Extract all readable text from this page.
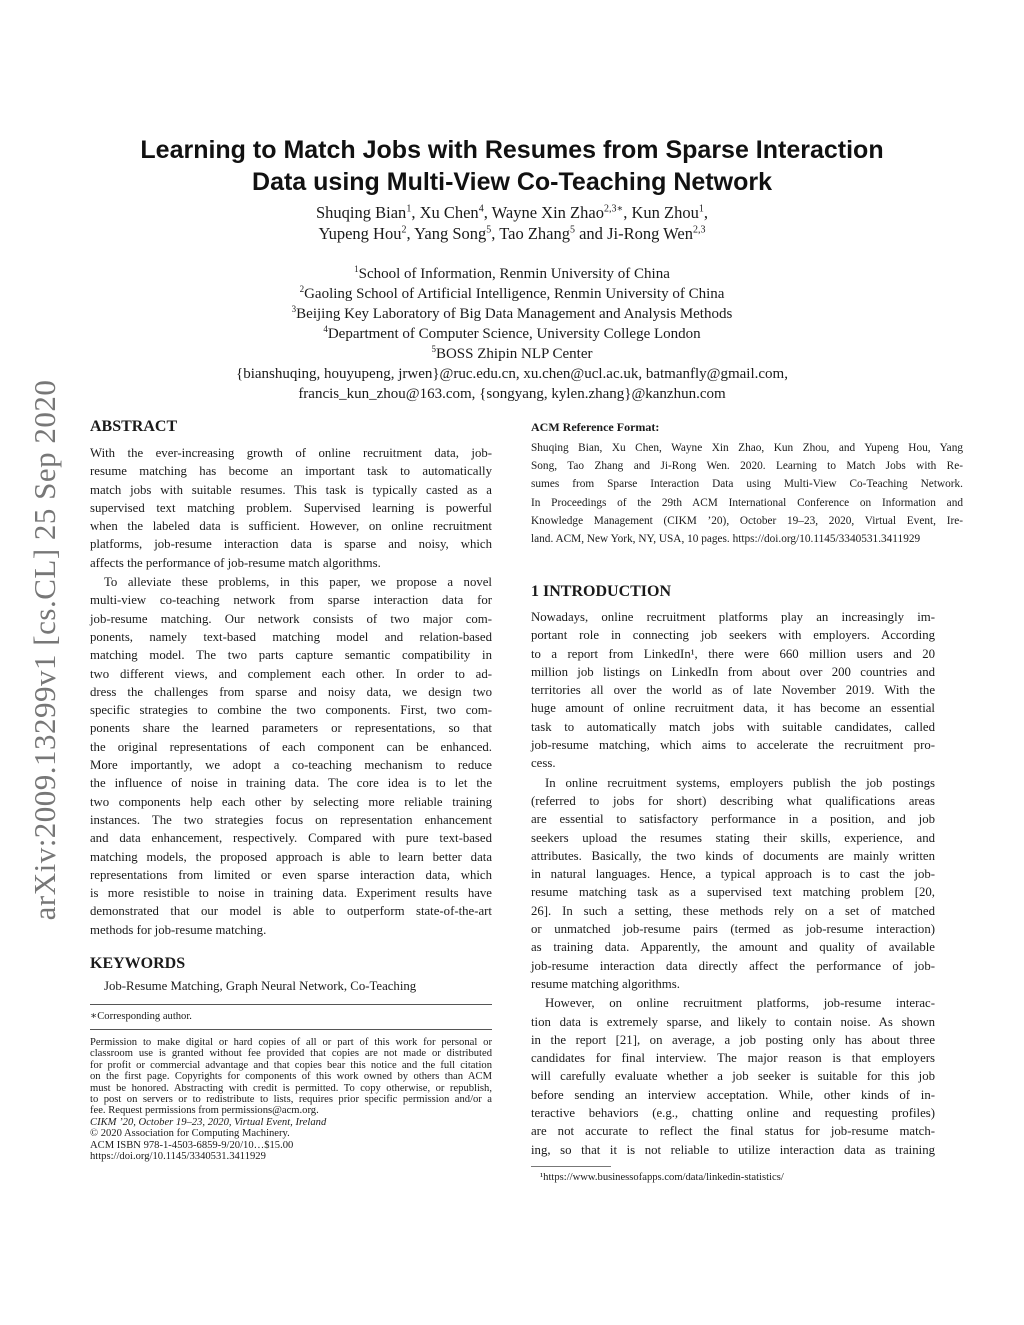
arXiv:2009.13299v1 [cs.CL] 25 Sep 2020
Learning to Match Jobs with Resumes from Sparse Interaction
Data using Multi-View Co-Teaching Network
Shuqing Bian$^1$, Xu Chen$^4$, Wayne Xin Zhao$^{2,3∗}$, Kun Zhou$^1$,
Yupeng Hou$^2$, Yang Song$^5$, Tao Zhang$^5$ and Ji-Rong Wen$^{2,3}$
$^1$School of Information, Renmin University of China
$^2$Gaoling School of Artificial Intelligence, Renmin University of China
$^3$Beijing Key Laboratory of Big Data Management and Analysis Methods
$^4$Department of Computer Science, University College London
$^5$BOSS Zhipin NLP Center
{bianshuqing, houyupeng, jrwen}@ruc.edu.cn, xu.chen@ucl.ac.uk, batmanfly@gmail.com,
francis_kun_zhou@163.com, {songyang, kylen.zhang}@kanzhun.com
ABSTRACT
With the ever-increasing growth of online recruitment data, job-
resume matching has become an important task to automatically
match jobs with suitable resumes. This task is typically casted as a
supervised text matching problem. Supervised learning is powerful
when the labeled data is sufficient. However, on online recruitment
platforms, job-resume interaction data is sparse and noisy, which
affects the performance of job-resume match algorithms.
To alleviate these problems, in this paper, we propose a novel
multi-view co-teaching network from sparse interaction data for
job-resume matching. Our network consists of two major com-
ponents, namely text-based matching model and relation-based
matching model. The two parts capture semantic compatibility in
two different views, and complement each other. In order to ad-
dress the challenges from sparse and noisy data, we design two
specific strategies to combine the two components. First, two com-
ponents share the learned parameters or representations, so that
the original representations of each component can be enhanced.
More importantly, we adopt a co-teaching mechanism to reduce
the influence of noise in training data. The core idea is to let the
two components help each other by selecting more reliable training
instances. The two strategies focus on representation enhancement
and data enhancement, respectively. Compared with pure text-based
matching models, the proposed approach is able to learn better data
representations from limited or even sparse interaction data, which
is more resistible to noise in training data. Experiment results have
demonstrated that our model is able to outperform state-of-the-art
methods for job-resume matching.
KEYWORDS
Job-Resume Matching, Graph Neural Network, Co-Teaching
∗Corresponding author.
Permission to make digital or hard copies of all or part of this work for personal or
classroom use is granted without fee provided that copies are not made or distributed
for profit or commercial advantage and that copies bear this notice and the full citation
on the first page. Copyrights for components of this work owned by others than ACM
must be honored. Abstracting with credit is permitted. To copy otherwise, or republish,
to post on servers or to redistribute to lists, requires prior specific permission and/or a
fee. Request permissions from permissions@acm.org.
CIKM ’20, October 19–23, 2020, Virtual Event, Ireland
© 2020 Association for Computing Machinery.
ACM ISBN 978-1-4503-6859-9/20/10…$15.00
https://doi.org/10.1145/3340531.3411929
ACM Reference Format:
Shuqing Bian, Xu Chen, Wayne Xin Zhao, Kun Zhou, and Yupeng Hou, Yang
Song, Tao Zhang and Ji-Rong Wen. 2020. Learning to Match Jobs with Re-
sumes from Sparse Interaction Data using Multi-View Co-Teaching Network.
In Proceedings of the 29th ACM International Conference on Information and
Knowledge Management (CIKM ’20), October 19–23, 2020, Virtual Event, Ire-
land. ACM, New York, NY, USA, 10 pages. https://doi.org/10.1145/3340531.3411929
1 INTRODUCTION
Nowadays, online recruitment platforms play an increasingly im-
portant role in connecting job seekers with employers. According
to a report from LinkedIn¹, there were 660 million users and 20
million job listings on LinkedIn from about over 200 countries and
territories all over the world as of late November 2019. With the
huge amount of online recruitment data, it has become an essential
task to automatically match jobs with suitable candidates, called
job-resume matching, which aims to accelerate the recruitment pro-
cess.
In online recruitment systems, employers publish the job postings
(referred to jobs for short) describing what qualifications areas
are essential to satisfactory performance in a position, and job
seekers upload the resumes stating their skills, experience, and
attributes. Basically, the two kinds of documents are mainly written
in natural languages. Hence, a typical approach is to cast the job-
resume matching task as a supervised text matching problem [20,
26]. In such a setting, these methods rely on a set of matched
or unmatched job-resume pairs (termed as job-resume interaction)
as training data. Apparently, the amount and quality of available
job-resume interaction data directly affect the performance of job-
resume matching algorithms.
However, on online recruitment platforms, job-resume interac-
tion data is extremely sparse, and likely to contain noise. As shown
in the report [21], on average, a job posting only has about three
candidates for final interview. The major reason is that employers
will carefully evaluate whether a job seeker is suitable for this job
before sending an interview acceptation. While, other kinds of in-
teractive behaviors (e.g., chatting online and requesting profiles)
are not accurate to reflect the final status for job-resume match-
ing, so that it is not reliable to utilize interaction data as training
¹https://www.businessofapps.com/data/linkedin-statistics/
